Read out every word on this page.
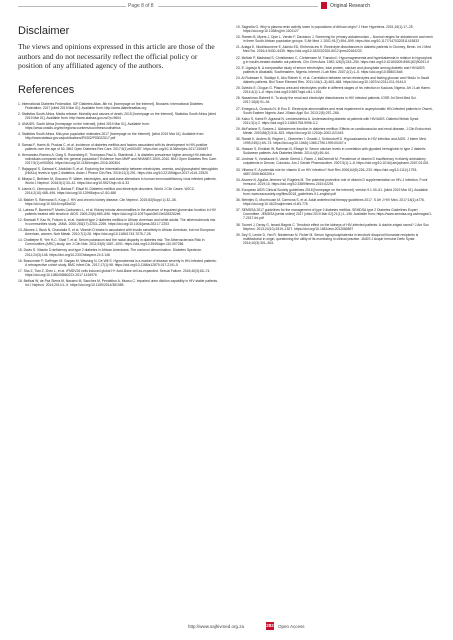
Page 8 of 8	Original Research
Disclaimer

The views and opinions expressed in this article are those of the authors and do not necessarily reflect the official policy or position of any affiliated agency of the authors.

References
1. International Diabetes Federation. IDF Diabetes Atlas, 8th ed. [homepage on the Internet]. Brussels: International Diabetes Federation; 2017 [cited 2019 Mar 01]. Available from: http://www.diabetesatlas.org
2. Statistics South Africa. Media release: Mortality and causes of death, 2015 [homepage on the Internet]. Statistics South Africa [cited 2019 Mar 01]. Available from: http://www.statssa.gov.za/?p=9604
3. UNAIDS. South Africa [homepage on the Internet]. [cited 2019 Mar 01]. Available from: https://www.unaids.org/en/regionscountries/countries/southafrica
4. Statistics South Africa. Mid-year population estimates 2017 [homepage on the Internet]. [cited 2019 Mar 01]. Available from: http://www.statssa.gov.za/publications/P0302/P03022017.pdf
5. Samad F, Harris M, Puskas C, et al. Incidence of diabetes mellitus and factors associated with its development in HIV-positive patients over the age of 50. BMJ Open Diabetes Res Care. 2017;5(1):e000457. https://doi.org/10.1136/bmjdrc-2017-000457
6. Hernandez-Romieu A, Garg S, Rosenberg E, Thompson-Paul A, Skarbinski J. Is diabetes prevalence higher among HIV-infected individuals compared with the general population? Evidence from MMP and NHANES 2009–2010. BMJ Open Diabetes Res Care. 2017;5(1):e000304. https://doi.org/10.1136/bmjdrc-2016-000304
7. Rajagopal S, Gaiswal K, Abdullah S, et al. Exploring the interrelationship between electrolytes, anemia, and glycosylated hemoglobin (HbA1c) levels in type 2 diabetics. Asian J Pharm Clin Res. 2018;11(1):251. https://doi.org/10.22159/ajpcr.2017.v11i1.22520
8. Mbaya C, Bethlem M, Giacomo R. Water, electrolytes, and acid-base alterations in human immunodeficiency virus infected patients. World J Nephrol. 2016;5(1):33–42. https://doi.org/10.5527/wjn.v5.i1.33
9. Liamis G, Liberopoulos E, Barkas F, Elisaf M. Diabetes mellitus and electrolyte disorders. World J Clin Cases. WJCC. 2014;2(10):488–496. https://doi.org/10.12998/wjcc.v2.i10.488
10. Bakker S, Rahmana S, Kopp J. HIV and chronic kidney disease. Clin Nephrol. 2015;83(Suppl 1):32–38. https://doi.org/10.5414/cnp83s032
11. Lakeaz P, Barreira P, Martin-Carbonero L, et al. Kidney tubular abnormalities in the absence of impaired glomerular function in HIV patients treated with tenofovir. AIDS. 2009;23(6):689–696. https://doi.org/10.1097/qad.0b013e3283262e6
12. Brancati F, Kao W, Folsom A, et al. Incident type 2 diabetes mellitus in African American and white adults: The atherosclerosis risk in communities study. JAMA. 2000;283(17):2253–2259. https://doi.org/10.1001/jama.283.17.2253
13. Alkoree J, Bush N, Chandalia S, et al. Vitamin D intake is associated with insulin sensitivity in African American, but not European American, women. Nutr Metab. 2010;7(1):28. https://doi.org/10.1186/1743-7075-7-28
14. Chatterjee R, Yeh H-C, Shafi T, et al. Serum potassium and the racial disparity in diabetes risk: The Atherosclerosis Risk in Communities (ARIC) study. Am J Clin Nutr. 2011;93(5):1087–1091. https://doi.org/10.3945/ajcn.110.007286
15. Davis S. Vitamin D deficiency and type 2 diabetes in African Americans: The common denomination. Diabetes Spectrum. 2011;24(3):148. https://doi.org/10.2337/diaspect.24.3.148
16. Bossonnier P, Daffinger M, Gargas M, Wassing N, De Wit S. Hyponatremia is a marker of disease severity in HIV-infected patients: A retrospective cohort study. BMC Infect Dis. 2017;17(1):98. https://doi.org/10.1186/s12879-017-2191-5
17. Sha Z, Tian Z, Zhen L, et al. rFMDV26 cells induced global H+ Acid-Base cell as-expanded. Sexual Failure. 2018;40(3):60–74. https://doi.org/10.1080/0886022X.2017.1416976
18. Bellisai W, de Paz Sierra M, Navarro M, Sanchez M, Pendelton A, Musso C. Impaired urine dilution capability in HIV stable patients. Int J Nephrol. 2014;2014:1–9. https://doi.org/10.1155/2014/381985
19. Sagnella G. Why is plasma renin activity lower in populations of African origin? J Hum Hypertens. 2001;15(1):17–25. https://doi.org/10.1038/sj.jhh.1001127
20. Ramen B, Myers J, Opie L, Verder F, Davidson J. Screening for primary aldosteronism – Normal ranges for aldosterone and renin in three South African population groups. S Afr Med J. 2001;91(7):594–599. https://doi.org/10.1177/1470320311415833
21. Ariaga E, Niodihoumene E, Asiedu ED, Ehrhenia-ew H. Electrolyte disturbances in diabetic patients in Ctonney, Benin. Int J Med Med Sci. 2016;4:5430–5435. https://doi.org/10.18203/2320-6012.ijrms20164233
22. McNair P, Madsbad S, Christiansen C, Christensen M, Transbol I. Hypomagnesemia and hyperkalaemia in relation to hypoxyluric g in insulin-treated diabetic out-patients. Clin Chim Acta. 1982;126(3):243–250. https://doi.org/10.1016/0009-8981(82)90291-9
23. E. Ugwuja N. A comparative study of serum electrolytes, total protein, calcium and phosphate among diabetic and HIV/AIDS patients in Abakaliki, Southeastern, Nigeria. Internet J Lab Med. 2007;2(1):1–5. https://doi.org/10.5580/15a5
24. Al-Rubeaan K, Siddiqui K, Abu Risheh K, et al. Correlation between serum electrolytes and fasting glucose and Hba1c in Saudi diabetic patients. Biol Trace Element Res. 2011;144(1–3):463–468. https://doi.org/10.1007/s12011-011-9144-0
25. Dziedic E, Ologun G. Plasma urea and electrolytes profile in different stages of hiv infection in Kaduna, Nigeria. Afr J Lab Haem. 2014;4(1):1–6. https://doi.org/10.5897/ajol.v4i1.1.001
26. Nazariman-Rabeeli K. To study the renal and electrolyte disturbances in HIV infected patients. IOSR Jnl Dent Med Sci. 2017;16(8):91–94.
27. Emegwu A, Ozowulu N, Ill Enu E. Electrolyte abnormalities and renal impairment in asymptomatic HIV-infected patients in Owerri, South Eastern Nigeria. Asst J Basic Appl Sci. 2013;2(5):257–266.
28. Kalco S, Kaimi R, Agrawal N, Lenkiewnimha A. Understanding diabetic at patients with HIV/AIDS. Diabetol Metab Syndr. 2011;3(1):2. https://doi.org/10.1186/1758-5996-3-2
29. McFarlane S, Sowers J. Aldosterone function in diabetes mellitus: Effects on cardiovascular and renal disease. J Clin Endocrinol Metab. 2003;88(2):516–523. https://doi.org/10.1210/jc.2002-021443
30. Ramie K, Anders M, Regner L, Oberreiter I, Gnadel J, Schlondorff D. Hypocalcaemia in HIV infection and AIDS. J Intern Med. 1995;245(1):69–73. https://doi.org/10.1046/j.1365-2796.1999.00407.x
31. Hassan S, Elmidab W, Rahman N, Elbagir N. Serum calcium levels in correlation with glycated hemoglobin in type 2 diabetic Sudanese patients. Adv Diabetes Metab. 2014;4(4):59–64.
32. Lindmar S, Vondracek S, Vande Griend J, Racer J, McDermott M. Prevalence of vitamin D insufficiency in elderly ambulatory outpatients in Denver, Colorado. Am J Geriatr Pharmacother. 2007;5(1):1–8. https://doi.org/10.1016/j.amjopharm.2007.03.001
33. Villamor E. A potential role for vitamin D on HIV infection? Nutr Rev 2006;64(5):226–233. https://doi.org/10.1111/j.1753-4887.2006.tb00205.x
34. Alvarez N, Aguilar-Jimenez W, Rugeles M. The potential protective role of vitamin D supplementation on HIV-1 infection. Front Immunol. 2019;10. https://doi.org/10.3389/fimmu.2019.02291
35. European AIDS Clinical Society guidelines 2018 [homepage on the Internet]. version 9.1 49–51. [cited 2019 Mar 01]. Available from: www.eacsociety.org/files/2018_guidelines-9.1-english.pdf
36. Meintjes G, Moorhouse M, Carmona S, et al. Adult antiretroviral therapy guidelines 2017. S Afr J HIV Med. 2017;18(1):a776. https://doi.org/10.4102/sajhivmed.v18i1.776
37. SEMDSA 2017 guidelines for the management of type 2 diabetes mellitus. SEMDSA type 2 Diabetes Guidelines Expert Committee. JEMDSA [serial online] 2017 [cited 2019 Mar 02];21(1):1–196. Available from: https://www.semdsa.org.za/images/1-7-2017-fnl.pdf
38. Tourret J, Deray G, Isnard-Bagnis C. Tenofovir effect on the kidneys of HIV-infected patients: A double-edged sword? J Am Soc Nephrol. 2013;24(10):1519–1527. https://doi.org/10.1681/asn.2012080857
39. Dey S, Lenke D, Yan R, Niederman N, Fisher M. Serum hypophosphatemia in tenofovir disoproxil fumarate recipients is multifactorial in origin, questioning the utility of its monitoring in clinical practice. JAIDS J Acquir Immune Defic Syndr. 2016;10(3):301–304.
http://www.sajhivmed.org.za	282 Open Access
